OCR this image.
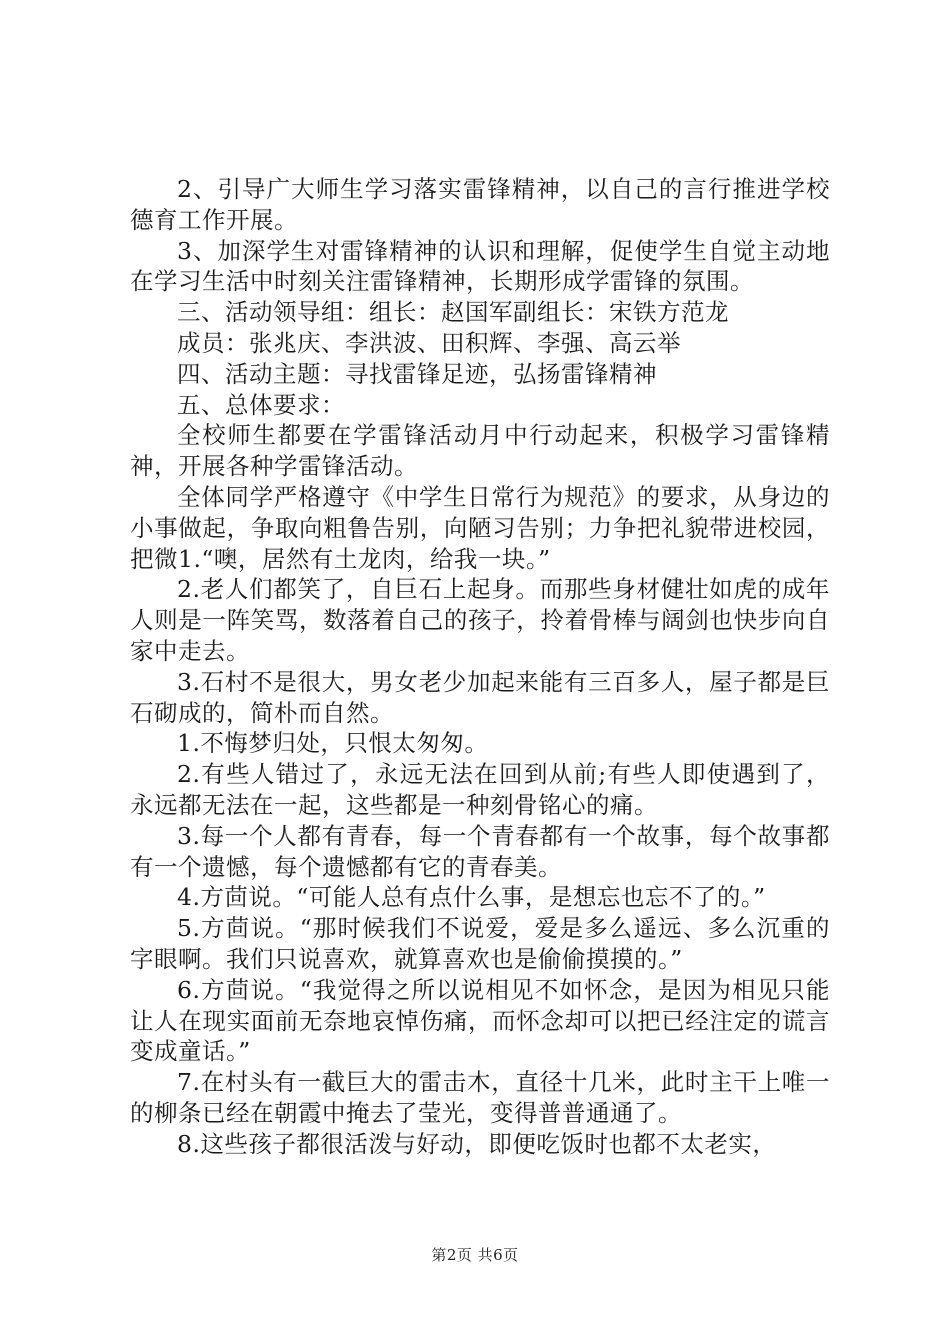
2、引导广大师生学习落实雷锋精神，以自己的言行推进学校德育工作开展。

3、加深学生对雷锋精神的认识和理解，促使学生自觉主动地在学习生活中时刻关注雷锋精神，长期形成学雷锋的氛围。

三、活动领导组：组长：赵国军副组长：宋铁方范龙

成员：张兆庆、李洪波、田积辉、李强、高云举

四、活动主题：寻找雷锋足迹，弘扬雷锋精神

五、总体要求：

全校师生都要在学雷锋活动月中行动起来，积极学习雷锋精神，开展各种学雷锋活动。

全体同学严格遵守《中学生日常行为规范》的要求，从身边的小事做起，争取向粗鲁告别，向陋习告别；力争把礼貌带进校园，把微1.“噢，居然有土龙肉，给我一块。”

2.老人们都笑了，自巨石上起身。而那些身材健壮如虎的成年人则是一阵笑骂，数落着自己的孩子，拎着骨棒与阔剑也快步向自家中走去。

3.石村不是很大，男女老少加起来能有三百多人，屋子都是巨石砌成的，简朴而自然。

1.不悔梦归处，只恨太匆匆。

2.有些人错过了，永远无法在回到从前;有些人即使遇到了，永远都无法在一起，这些都是一种刻骨铭心的痛。

3.每一个人都有青春，每一个青春都有一个故事，每个故事都有一个遗憾，每个遗憾都有它的青春美。

4.方茴说。“可能人总有点什么事，是想忘也忘不了的。”

5.方茴说。“那时候我们不说爱，爱是多么遥远、多么沉重的字眼啊。我们只说喜欢，就算喜欢也是偷偷摸摸的。”

6.方茴说。“我觉得之所以说相见不如怀念，是因为相见只能让人在现实面前无奈地哀悼伤痛，而怀念却可以把已经注定的谎言变成童话。”

7.在村头有一截巨大的雷击木，直径十几米，此时主干上唯一的柳条已经在朝霞中掩去了莹光，变得普普通通了。

8.这些孩子都很活泼与好动，即便吃饭时也都不太老实，

第2页 共6页
